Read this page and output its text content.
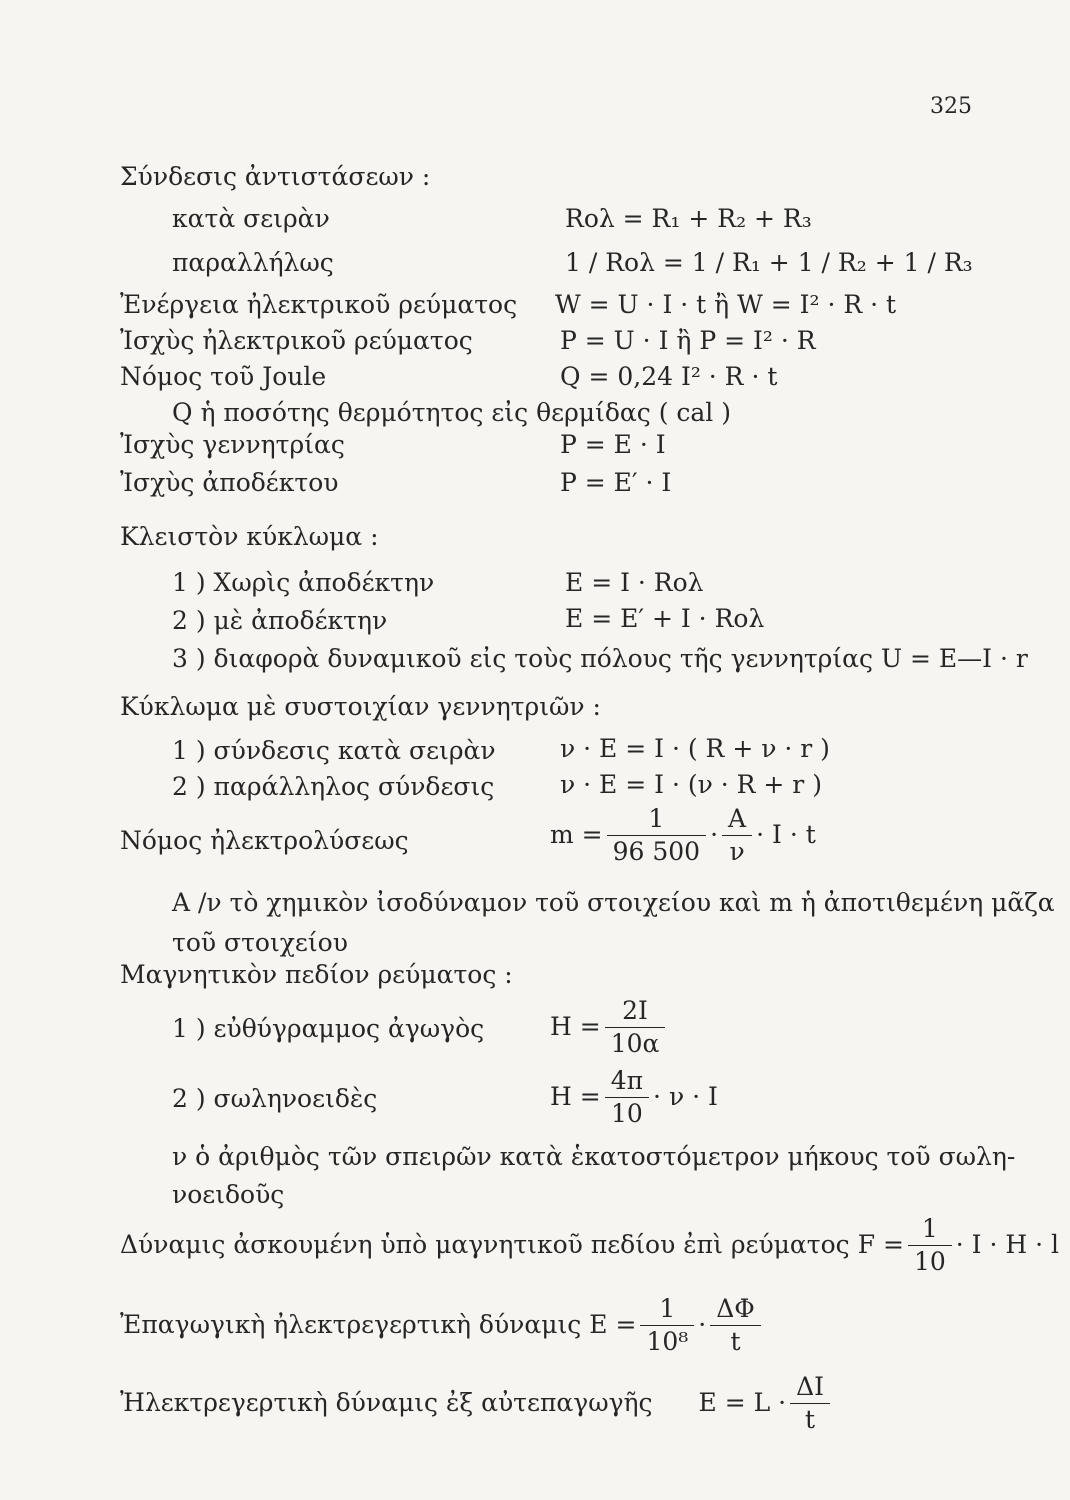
325
Σύνδεσις ἀντιστάσεων :
κατὰ σειρὰν	Rολ = R₁ + R₂ + R₃
παραλλήλως	1 / Rολ = 1 / R₁ + 1 / R₂ + 1 / R₃
Ἐνέργεια ἠλεκτρικοῦ ρεύματος W = U · I · t ἢ W = I² · R · t
Ἰσχὺς ἠλεκτρικοῦ ρεύματος	P = U · I ἢ P = I² · R
Νόμος τοῦ Joule	Q = 0,24 I² · R · t
Q ἡ ποσότης θερμότητος εἰς θερμίδας ( cal )
Ἰσχὺς γεννητρίας	P = E · I
Ἰσχὺς ἀποδέκτου	P = E′ · I
Κλειστὸν κύκλωμα :
1 ) Χωρὶς ἀποδέκτην	E = I · Rολ
2 ) μὲ ἀποδέκτην	E = E′ + I · Rολ
3 ) διαφορὰ δυναμικοῦ εἰς τοὺς πόλους τῆς γεννητρίας U = E—I · r
Κύκλωμα μὲ συστοιχίαν γεννητριῶν :
1 ) σύνδεσις κατὰ σειρὰν	ν · E = I · ( R + ν · r )
2 ) παράλληλος σύνδεσις	ν · E = I · (ν · R + r )
Νόμος ἠλεκτρολύσεως	$m = \frac{1}{96 500} \cdot \frac{A}{\nu} \cdot I \cdot t$
A /ν τὸ χημικὸν ἰσοδύναμον τοῦ στοιχείου καὶ m ἡ ἀποτιθεμένη μᾶζα
τοῦ στοιχείου
Μαγνητικὸν πεδίον ρεύματος :
1 ) εὐθύγραμμος ἀγωγὸς	$H = \frac{2I}{10\alpha}$
2 ) σωληνοειδὲς	$H = \frac{4\pi}{10} \cdot \nu \cdot I$
ν ὁ ἀριθμὸς τῶν σπειρῶν κατὰ ἑκατοστόμετρον μήκους τοῦ σωλη-
νοειδοῦς
Δύναμις ἀσκουμένη ὑπὸ μαγνητικοῦ πεδίου ἐπὶ ρεύματος $F = \frac{1}{10} \cdot I \cdot H \cdot l$
Ἐπαγωγικὴ ἠλεκτρεγερτικὴ δύναμις $E = \frac{1}{\text{10⁸}} \cdot \frac{\Delta\Phi}{t}$
Ἠλεκτρεγερτικὴ δύναμις ἐξ αὐτεπαγωγῆς $E = L \cdot \frac{\Delta I}{t}$
